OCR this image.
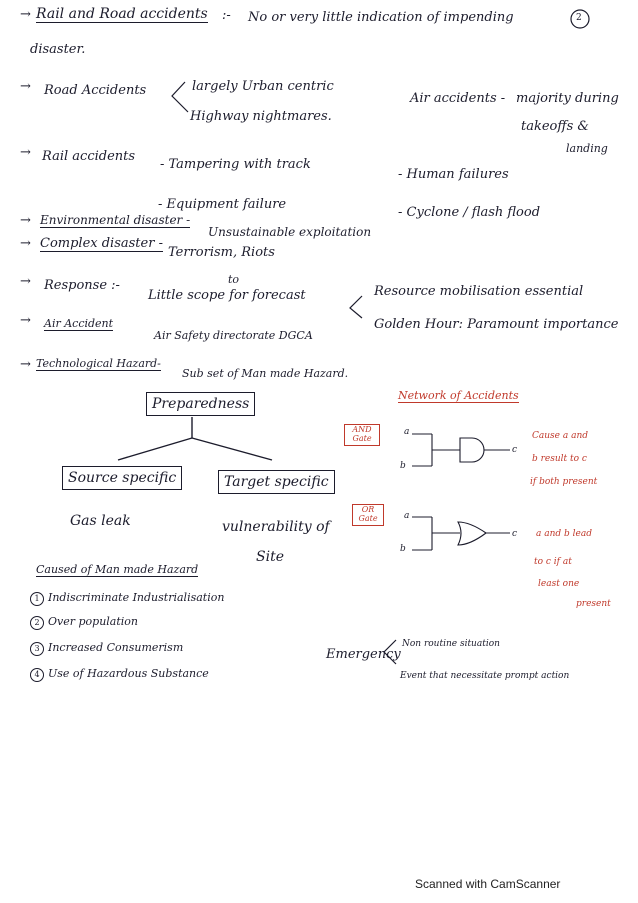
2
→ Rail and Road accidents :- No or very little indication of impending
disaster.
→ Road Accidents	largely Urban centric
Highway nightmares.
Air accidents - majority during
takeoffs &
landing
→ Rail accidents
- Tampering with track
- Equipment failure
- Human failures
- Cyclone / flash flood
→ Environmental disaster -
Unsustainable exploitation
→ Complex disaster -
Terrorism, Riots
→ Response :-	to
Little scope for forecast	Resource mobilisation essential
Golden Hour: Paramount importance
→ Air Accident
Air Safety directorate DGCA
→ Technological Hazard-
Sub set of Man made Hazard.
Preparedness
Source specific	Target specific
Gas leak	vulnerability of
Site
Network of Accidents
AND Gate
a
b
c
Cause a and
b result to c
if both present
OR Gate	a
b
c a and b lead
to c if at
least one
present
Caused of Man made Hazard
1 Indiscriminate Industrialisation
2 Over population
3 Increased Consumerism
4 Use of Hazardous Substance
Emergency
Non routine situation
Event that necessitate prompt action
Scanned with CamScanner
